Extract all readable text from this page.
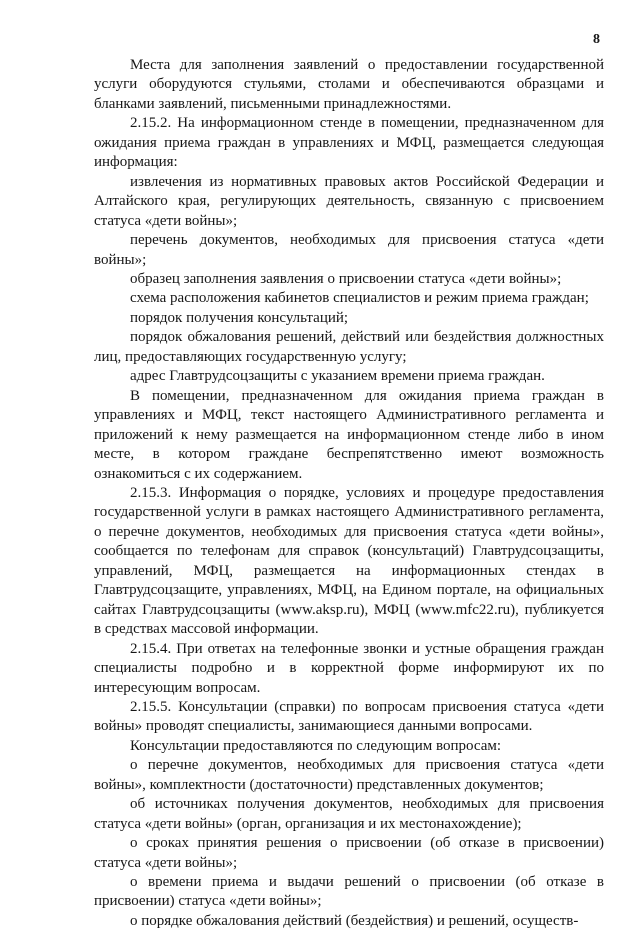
8

Места для заполнения заявлений о предоставлении государственной услуги оборудуются стульями, столами и обеспечиваются образцами и бланками заявлений, письменными принадлежностями.

2.15.2. На информационном стенде в помещении, предназначенном для ожидания приема граждан в управлениях и МФЦ, размещается следующая информация:

извлечения из нормативных правовых актов Российской Федерации и Алтайского края, регулирующих деятельность, связанную с присвоением статуса «дети войны»;

перечень документов, необходимых для присвоения статуса «дети войны»;

образец заполнения заявления о присвоении статуса «дети войны»;

схема расположения кабинетов специалистов и режим приема граждан;

порядок получения консультаций;

порядок обжалования решений, действий или бездействия должностных лиц, предоставляющих государственную услугу;

адрес Главтрудсоцзащиты с указанием времени приема граждан.

В помещении, предназначенном для ожидания приема граждан в управлениях и МФЦ, текст настоящего Административного регламента и приложений к нему размещается на информационном стенде либо в ином месте, в котором граждане беспрепятственно имеют возможность ознакомиться с их содержанием.

2.15.3. Информация о порядке, условиях и процедуре предоставления государственной услуги в рамках настоящего Административного регламента, о перечне документов, необходимых для присвоения статуса «дети войны», сообщается по телефонам для справок (консультаций) Главтрудсоцзащиты, управлений, МФЦ, размещается на информационных стендах в Главтрудсоцзащите, управлениях, МФЦ, на Едином портале, на официальных сайтах Главтрудсоцзащиты (www.aksp.ru), МФЦ (www.mfc22.ru), публикуется в средствах массовой информации.

2.15.4. При ответах на телефонные звонки и устные обращения граждан специалисты подробно и в корректной форме информируют их по интересующим вопросам.

2.15.5. Консультации (справки) по вопросам присвоения статуса «дети войны» проводят специалисты, занимающиеся данными вопросами.

Консультации предоставляются по следующим вопросам:

о перечне документов, необходимых для присвоения статуса «дети войны», комплектности (достаточности) представленных документов;

об источниках получения документов, необходимых для присвоения статуса «дети войны» (орган, организация и их местонахождение);

о сроках принятия решения о присвоении (об отказе в присвоении) статуса «дети войны»;

о времени приема и выдачи решений о присвоении (об отказе в присвоении) статуса «дети войны»;

о порядке обжалования действий (бездействия) и решений, осуществ-
